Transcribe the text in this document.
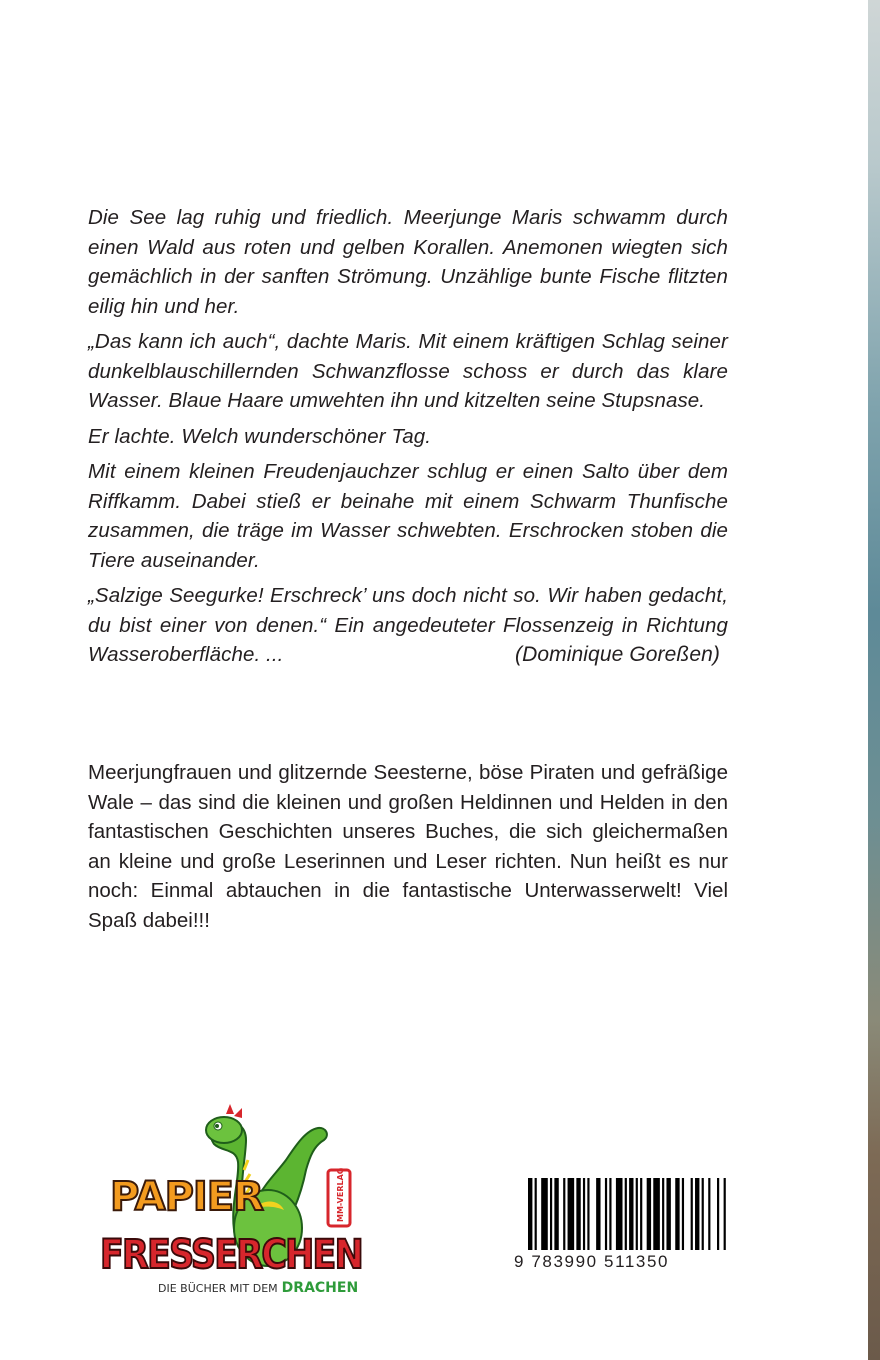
Die See lag ruhig und friedlich. Meerjunge Maris schwamm durch einen Wald aus roten und gelben Korallen. Anemonen wiegten sich gemächlich in der sanften Strömung. Unzählige bunte Fische flitzten eilig hin und her.

„Das kann ich auch“, dachte Maris. Mit einem kräftigen Schlag seiner dunkelblauschillernden Schwanzflosse schoss er durch das klare Wasser. Blaue Haare umwehten ihn und kitzelten seine Stupsnase.

Er lachte. Welch wunderschöner Tag.

Mit einem kleinen Freudenjauchzer schlug er einen Salto über dem Riffkamm. Dabei stieß er beinahe mit einem Schwarm Thunfische zusammen, die träge im Wasser schwebten. Erschrocken stoben die Tiere auseinander.

„Salzige Seegurke! Erschreck’ uns doch nicht so. Wir haben gedacht, du bist einer von denen.“ Ein angedeuteter Flossenzeig in Richtung Wasseroberfläche. ...	(Dominique Goreßen)

Meerjungfrauen und glitzernde Seesterne, böse Piraten und gefräßige Wale – das sind die kleinen und großen Heldinnen und Helden in den fantastischen Geschichten unseres Buches, die sich gleichermaßen an kleine und große Leserinnen und Leser richten. Nun heißt es nur noch: Einmal abtauchen in die fantastische Unterwasserwelt! Viel Spaß dabei!!!

MM-VERLAG
PAPIER
FRESSERCHEN
DIE BÜCHER MIT DEM DRACHEN
9 783990 511350
